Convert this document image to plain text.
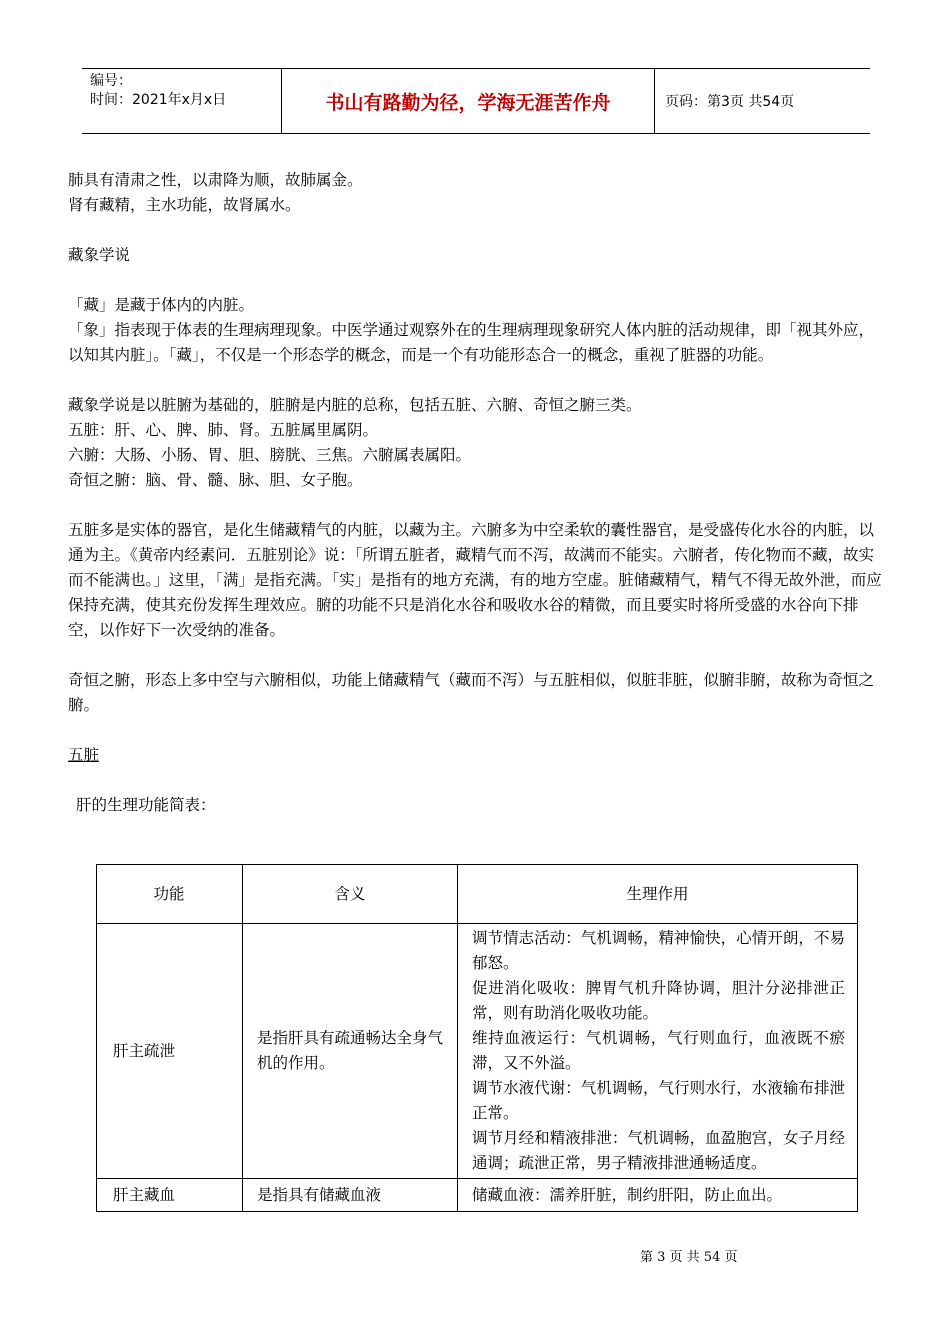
编号：
时间：2021年x月x日	书山有路勤为径，学海无涯苦作舟	页码：第3页 共54页

肺具有清肃之性，以肃降为顺，故肺属金。

肾有藏精，主水功能，故肾属水。

藏象学说

「藏」是藏于体内的内脏。

「象」指表现于体表的生理病理现象。中医学通过观察外在的生理病理现象研究人体内脏的活动规律，即「视其外应，以知其内脏」。「藏」，不仅是一个形态学的概念，而是一个有功能形态合一的概念，重视了脏器的功能。

藏象学说是以脏腑为基础的，脏腑是内脏的总称，包括五脏、六腑、奇恒之腑三类。

五脏：肝、心、脾、肺、肾。五脏属里属阴。

六腑：大肠、小肠、胃、胆、膀胱、三焦。六腑属表属阳。

奇恒之腑：脑、骨、髓、脉、胆、女子胞。

五脏多是实体的器官，是化生储藏精气的内脏，以藏为主。六腑多为中空柔软的囊性器官，是受盛传化水谷的内脏，以通为主。《黄帝内经素问．五脏别论》说：「所谓五脏者，藏精气而不泻，故满而不能实。六腑者，传化物而不藏，故实而不能满也。」这里，「满」是指充满。「实」是指有的地方充满，有的地方空虚。脏储藏精气，精气不得无故外泄，而应保持充满，使其充份发挥生理效应。腑的功能不只是消化水谷和吸收水谷的精微，而且要实时将所受盛的水谷向下排空，以作好下一次受纳的准备。

奇恒之腑，形态上多中空与六腑相似，功能上储藏精气（藏而不泻）与五脏相似，似脏非脏，似腑非腑，故称为奇恒之腑。

五脏

肝的生理功能简表：

功能	含义	生理作用
肝主疏泄	是指肝具有疏通畅达全身气机的作用。	调节情志活动：气机调畅，精神愉快，心情开朗，不易郁怒。
促进消化吸收：脾胃气机升降协调，胆汁分泌排泄正常，则有助消化吸收功能。
维持血液运行：气机调畅，气行则血行，血液既不瘀滞，又不外溢。
调节水液代谢：气机调畅，气行则水行，水液输布排泄正常。
调节月经和精液排泄：气机调畅，血盈胞宫，女子月经通调；疏泄正常，男子精液排泄通畅适度。

肝主藏血	是指具有储藏血液	储藏血液：濡养肝脏，制约肝阳，防止血出。
第 3 页 共 54 页
